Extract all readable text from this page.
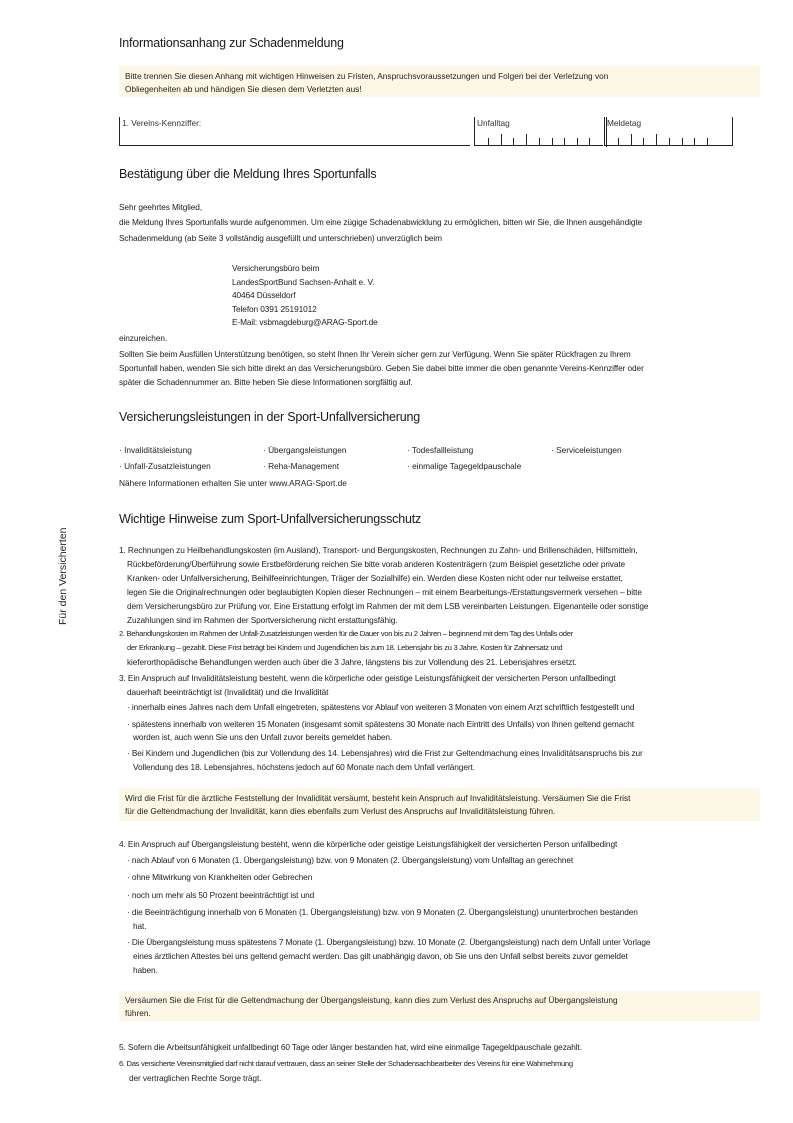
Informationsanhang zur Schadenmeldung
Bitte trennen Sie diesen Anhang mit wichtigen Hinweisen zu Fristen, Anspruchsvoraussetzungen und Folgen bei der Verletzung von
Obliegenheiten ab und händigen Sie diesen dem Verletzten aus!
1. Vereins-Kennziffer:	Unfalltag	Meldetag
Bestätigung über die Meldung Ihres Sportunfalls
Sehr geehrtes Mitglied,
die Meldung Ihres Sportunfalls wurde aufgenommen. Um eine zügige Schadenabwicklung zu ermöglichen, bitten wir Sie, die Ihnen ausgehändigte
Schadenmeldung (ab Seite 3 vollständig ausgefüllt und unterschrieben) unverzüglich beim
Versicherungsbüro beim
LandesSportBund Sachsen-Anhalt e. V.
40464 Düsseldorf
Telefon 0391 25191012
E-Mail: vsbmagdeburg@ARAG-Sport.de
einzureichen.
Sollten Sie beim Ausfüllen Unterstützung benötigen, so steht Ihnen Ihr Verein sicher gern zur Verfügung. Wenn Sie später Rückfragen zu Ihrem
Sportunfall haben, wenden Sie sich bitte direkt an das Versicherungsbüro. Geben Sie dabei bitte immer die oben genannte Vereins-Kennziffer oder
später die Schadennummer an. Bitte heben Sie diese Informationen sorgfältig auf.
Versicherungsleistungen in der Sport-Unfallversicherung
· Invaliditätsleistung	· Übergangsleistungen	· Todesfallleistung	· Serviceleistungen
· Unfall-Zusatzleistungen	· Reha-Management	· einmalige Tagegeldpauschale
Nähere Informationen erhalten Sie unter www.ARAG-Sport.de
Wichtige Hinweise zum Sport-Unfallversicherungsschutz
1. Rechnungen zu Heilbehandlungskosten (im Ausland), Transport- und Bergungskosten, Rechnungen zu Zahn- und Brillenschäden, Hilfsmitteln,
Rückbeförderung/Überführung sowie Erstbeförderung reichen Sie bitte vorab anderen Kostenträgern (zum Beispiel gesetzliche oder private
Kranken- oder Unfallversicherung, Beihilfeeinrichtungen, Träger der Sozialhilfe) ein. Werden diese Kosten nicht oder nur teilweise erstattet,
legen Sie die Originalrechnungen oder beglaubigten Kopien dieser Rechnungen – mit einem Bearbeitungs-/Erstattungsvermerk versehen – bitte
dem Versicherungsbüro zur Prüfung vor. Eine Erstattung erfolgt im Rahmen der mit dem LSB vereinbarten Leistungen. Eigenanteile oder sonstige
Zuzahlungen sind im Rahmen der Sportversicherung nicht erstattungsfähig.
2. Behandlungskosten im Rahmen der Unfall-Zusatzleistungen werden für die Dauer von bis zu 2 Jahren – beginnend mit dem Tag des Unfalls oder
der Erkrankung – gezahlt. Diese Frist beträgt bei Kindern und Jugendlichen bis zum 18. Lebensjahr bis zu 3 Jahre. Kosten für Zahnersatz und
kieferorthopädische Behandlungen werden auch über die 3 Jahre, längstens bis zur Vollendung des 21. Lebensjahres ersetzt.
3. Ein Anspruch auf Invaliditätsleistung besteht, wenn die körperliche oder geistige Leistungsfähigkeit der versicherten Person unfallbedingt
dauerhaft beeinträchtigt ist (Invalidität) und die Invalidität
· innerhalb eines Jahres nach dem Unfall eingetreten, spätestens vor Ablauf von weiteren 3 Monaten von einem Arzt schriftlich festgestellt und
· spätestens innerhalb von weiteren 15 Monaten (insgesamt somit spätestens 30 Monate nach Eintritt des Unfalls) von Ihnen geltend gemacht
worden ist, auch wenn Sie uns den Unfall zuvor bereits gemeldet haben.
· Bei Kindern und Jugendlichen (bis zur Vollendung des 14. Lebensjahres) wird die Frist zur Geltendmachung eines Invaliditätsanspruchs bis zur
Vollendung des 18. Lebensjahres, höchstens jedoch auf 60 Monate nach dem Unfall verlängert.
Wird die Frist für die ärztliche Feststellung der Invalidität versäumt, besteht kein Anspruch auf Invaliditätsleistung. Versäumen Sie die Frist
für die Geltendmachung der Invalidität, kann dies ebenfalls zum Verlust des Anspruchs auf Invaliditätsleistung führen.
4. Ein Anspruch auf Übergangsleistung besteht, wenn die körperliche oder geistige Leistungsfähigkeit der versicherten Person unfallbedingt
· nach Ablauf von 6 Monaten (1. Übergangsleistung) bzw. von 9 Monaten (2. Übergangsleistung) vom Unfalltag an gerechnet
· ohne Mitwirkung von Krankheiten oder Gebrechen
· noch um mehr als 50 Prozent beeinträchtigt ist und
· die Beeinträchtigung innerhalb von 6 Monaten (1. Übergangsleistung) bzw. von 9 Monaten (2. Übergangsleistung) ununterbrochen bestanden
hat.
· Die Übergangsleistung muss spätestens 7 Monate (1. Übergangsleistung) bzw. 10 Monate (2. Übergangsleistung) nach dem Unfall unter Vorlage
eines ärztlichen Attestes bei uns geltend gemacht werden. Das gilt unabhängig davon, ob Sie uns den Unfall selbst bereits zuvor gemeldet
haben.
Versäumen Sie die Frist für die Geltendmachung der Übergangsleistung, kann dies zum Verlust des Anspruchs auf Übergangsleistung
führen.
5. Sofern die Arbeitsunfähigkeit unfallbedingt 60 Tage oder länger bestanden hat, wird eine einmalige Tagegeldpauschale gezahlt.
6. Das versicherte Vereinsmitglied darf nicht darauf vertrauen, dass an seiner Stelle der Schadensachbearbeiter des Vereins für eine Wahrnehmung
der vertraglichen Rechte Sorge trägt.
Für den Versicherten
